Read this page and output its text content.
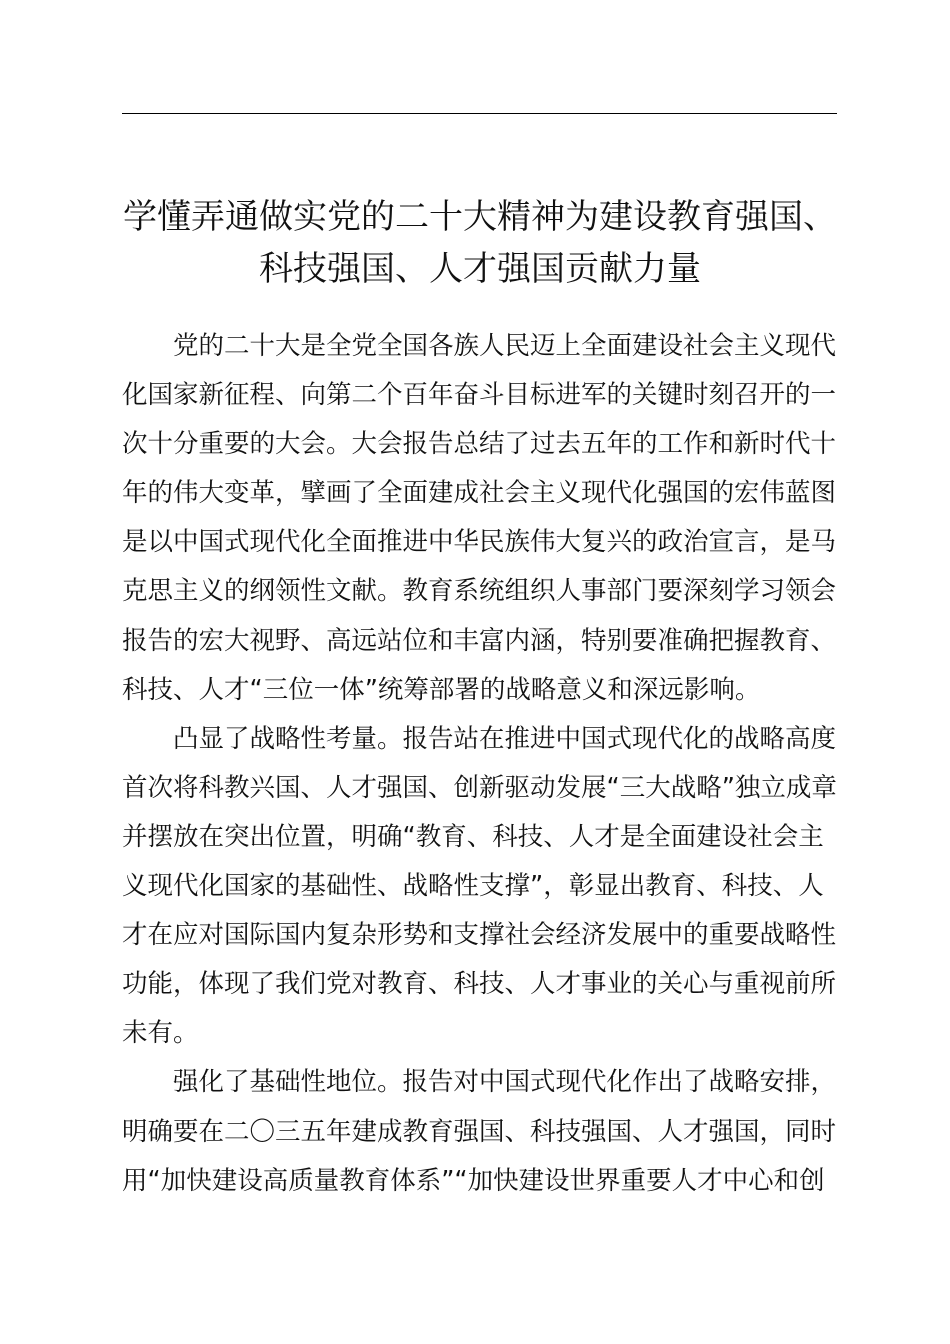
学懂弄通做实党的二十大精神为建设教育强国、
科技强国、人才强国贡献力量

　　党的二十大是全党全国各族人民迈上全面建设社会主义现代
化国家新征程、向第二个百年奋斗目标进军的关键时刻召开的一
次十分重要的大会。大会报告总结了过去五年的工作和新时代十
年的伟大变革，擘画了全面建成社会主义现代化强国的宏伟蓝图
是以中国式现代化全面推进中华民族伟大复兴的政治宣言，是马
克思主义的纲领性文献。教育系统组织人事部门要深刻学习领会
报告的宏大视野、高远站位和丰富内涵，特别要准确把握教育、
科技、人才“三位一体”统筹部署的战略意义和深远影响。

　　凸显了战略性考量。报告站在推进中国式现代化的战略高度
首次将科教兴国、人才强国、创新驱动发展“三大战略”独立成章
并摆放在突出位置，明确“教育、科技、人才是全面建设社会主
义现代化国家的基础性、战略性支撑”，彰显出教育、科技、人
才在应对国际国内复杂形势和支撑社会经济发展中的重要战略性
功能，体现了我们党对教育、科技、人才事业的关心与重视前所
未有。

　　强化了基础性地位。报告对中国式现代化作出了战略安排，
明确要在二〇三五年建成教育强国、科技强国、人才强国，同时
用“加快建设高质量教育体系”“加快建设世界重要人才中心和创
